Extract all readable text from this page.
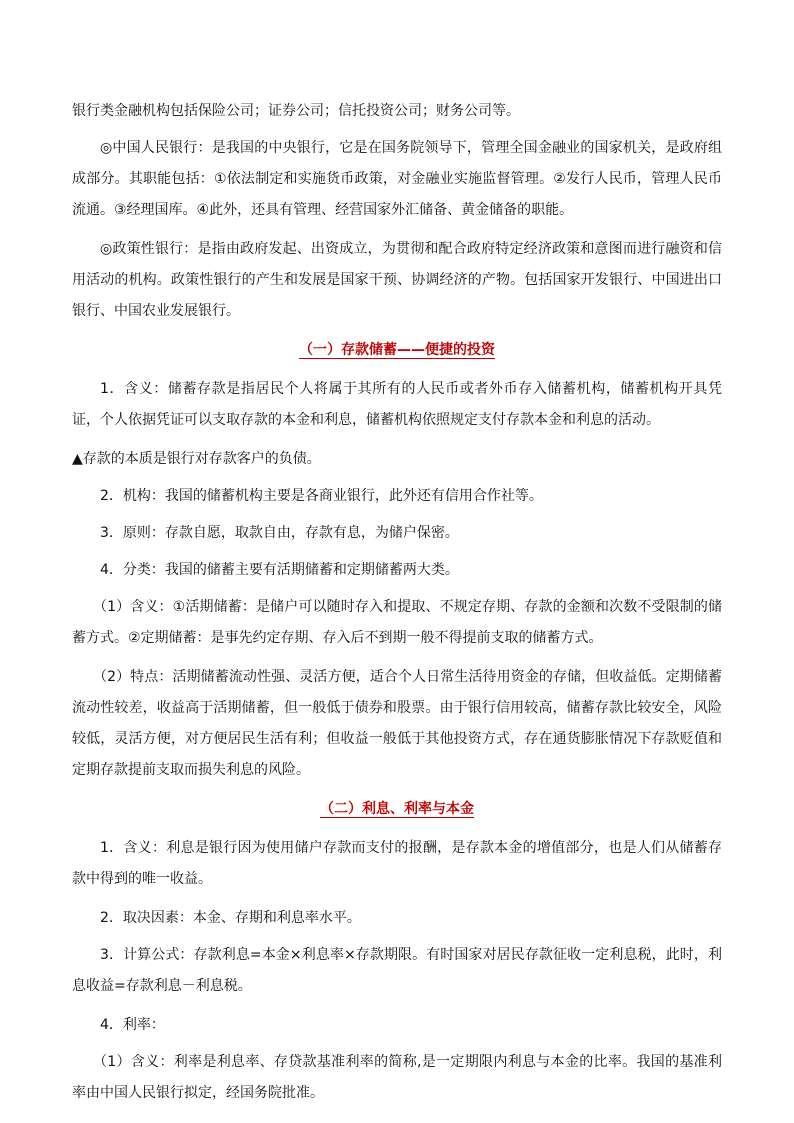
银行类金融机构包括保险公司；证券公司；信托投资公司；财务公司等。

◎中国人民银行：是我国的中央银行，它是在国务院领导下，管理全国金融业的国家机关，是政府组成部分。其职能包括：①依法制定和实施货币政策，对金融业实施监督管理。②发行人民币，管理人民币流通。③经理国库。④此外，还具有管理、经营国家外汇储备、黄金储备的职能。

◎政策性银行：是指由政府发起、出资成立，为贯彻和配合政府特定经济政策和意图而进行融资和信用活动的机构。政策性银行的产生和发展是国家干预、协调经济的产物。包括国家开发银行、中国进出口银行、中国农业发展银行。

（一）存款储蓄——便捷的投资

1．含义：储蓄存款是指居民个人将属于其所有的人民币或者外币存入储蓄机构，储蓄机构开具凭证，个人依据凭证可以支取存款的本金和利息，储蓄机构依照规定支付存款本金和利息的活动。

▲存款的本质是银行对存款客户的负债。

2．机构：我国的储蓄机构主要是各商业银行，此外还有信用合作社等。

3．原则：存款自愿，取款自由，存款有息，为储户保密。

4．分类：我国的储蓄主要有活期储蓄和定期储蓄两大类。

（1）含义：①活期储蓄：是储户可以随时存入和提取、不规定存期、存款的金额和次数不受限制的储蓄方式。②定期储蓄：是事先约定存期、存入后不到期一般不得提前支取的储蓄方式。

（2）特点：活期储蓄流动性强、灵活方便，适合个人日常生活待用资金的存储，但收益低。定期储蓄流动性较差，收益高于活期储蓄，但一般低于债券和股票。由于银行信用较高，储蓄存款比较安全，风险较低，灵活方便，对方便居民生活有利；但收益一般低于其他投资方式，存在通货膨胀情况下存款贬值和定期存款提前支取而损失利息的风险。

（二）利息、利率与本金

1．含义：利息是银行因为使用储户存款而支付的报酬，是存款本金的增值部分，也是人们从储蓄存款中得到的唯一收益。

2．取决因素：本金、存期和利息率水平。

3．计算公式：存款利息=本金×利息率×存款期限。有时国家对居民存款征收一定利息税，此时，利息收益=存款利息－利息税。

4．利率：

（1）含义：利率是利息率、存贷款基准利率的简称,是一定期限内利息与本金的比率。我国的基准利率由中国人民银行拟定，经国务院批准。
